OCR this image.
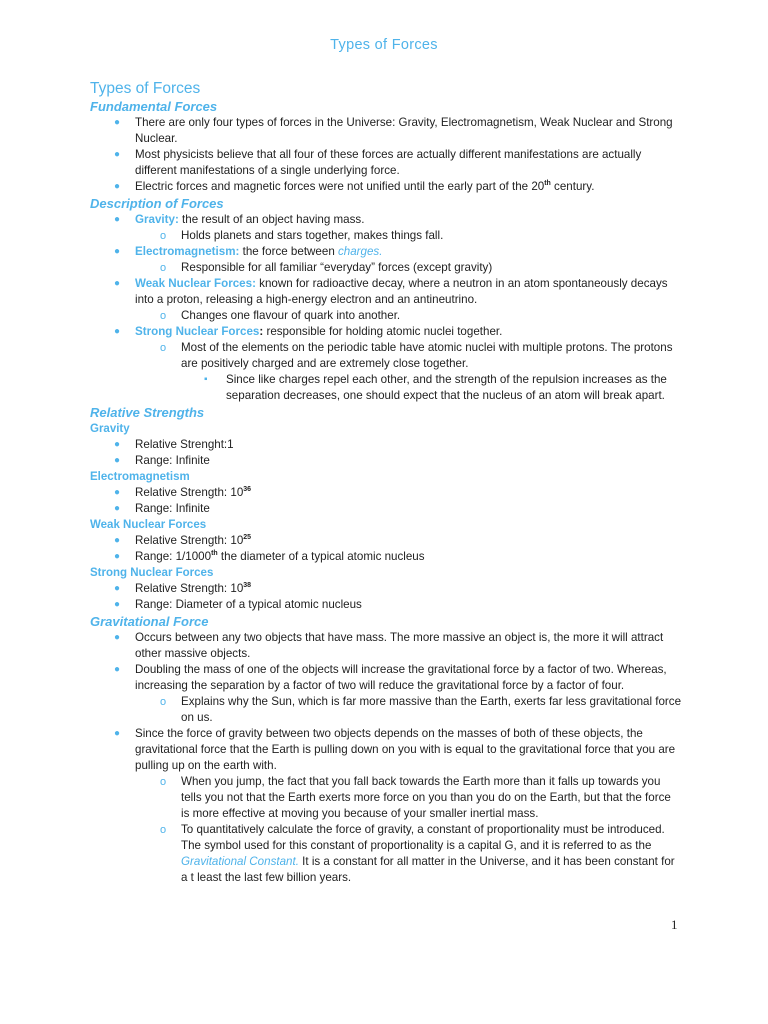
Types of Forces
Types of Forces
Fundamental Forces
● There are only four types of forces in the Universe: Gravity, Electromagnetism, Weak Nuclear and Strong Nuclear.
● Most physicists believe that all four of these forces are actually different manifestations are actually different manifestations of a single underlying force.
● Electric forces and magnetic forces were not unified until the early part of the 20th century.
Description of Forces
● Gravity: the result of an object having mass.
o Holds planets and stars together, makes things fall.
● Electromagnetism: the force between charges.
o Responsible for all familiar “everyday” forces (except gravity)
● Weak Nuclear Forces: known for radioactive decay, where a neutron in an atom spontaneously decays into a proton, releasing a high-energy electron and an antineutrino.
o Changes one flavour of quark into another.
● Strong Nuclear Forces: responsible for holding atomic nuclei together.
o Most of the elements on the periodic table have atomic nuclei with multiple protons. The protons are positively charged and are extremely close together.
▪ Since like charges repel each other, and the strength of the repulsion increases as the separation decreases, one should expect that the nucleus of an atom will break apart.
Relative Strengths
Gravity
● Relative Strenght:1
● Range: Infinite
Electromagnetism
● Relative Strength: $10^{36}$
● Range: Infinite
Weak Nuclear Forces
● Relative Strength: $10^{25}$
● Range: 1/1000th the diameter of a typical atomic nucleus
Strong Nuclear Forces
● Relative Strength: $10^{38}$
● Range: Diameter of a typical atomic nucleus
Gravitational Force
● Occurs between any two objects that have mass. The more massive an object is, the more it will attract other massive objects.
● Doubling the mass of one of the objects will increase the gravitational force by a factor of two. Whereas, increasing the separation by a factor of two will reduce the gravitational force by a factor of four.
o Explains why the Sun, which is far more massive than the Earth, exerts far less gravitational force on us.
● Since the force of gravity between two objects depends on the masses of both of these objects, the gravitational force that the Earth is pulling down on you with is equal to the gravitational force that you are pulling up on the earth with.
o When you jump, the fact that you fall back towards the Earth more than it falls up towards you tells you not that the Earth exerts more force on you than you do on the Earth, but that the force is more effective at moving you because of your smaller inertial mass.
o To quantitatively calculate the force of gravity, a constant of proportionality must be introduced. The symbol used for this constant of proportionality is a capital G, and it is referred to as the Gravitational Constant. It is a constant for all matter in the Universe, and it has been constant for a t least the last few billion years.
1
